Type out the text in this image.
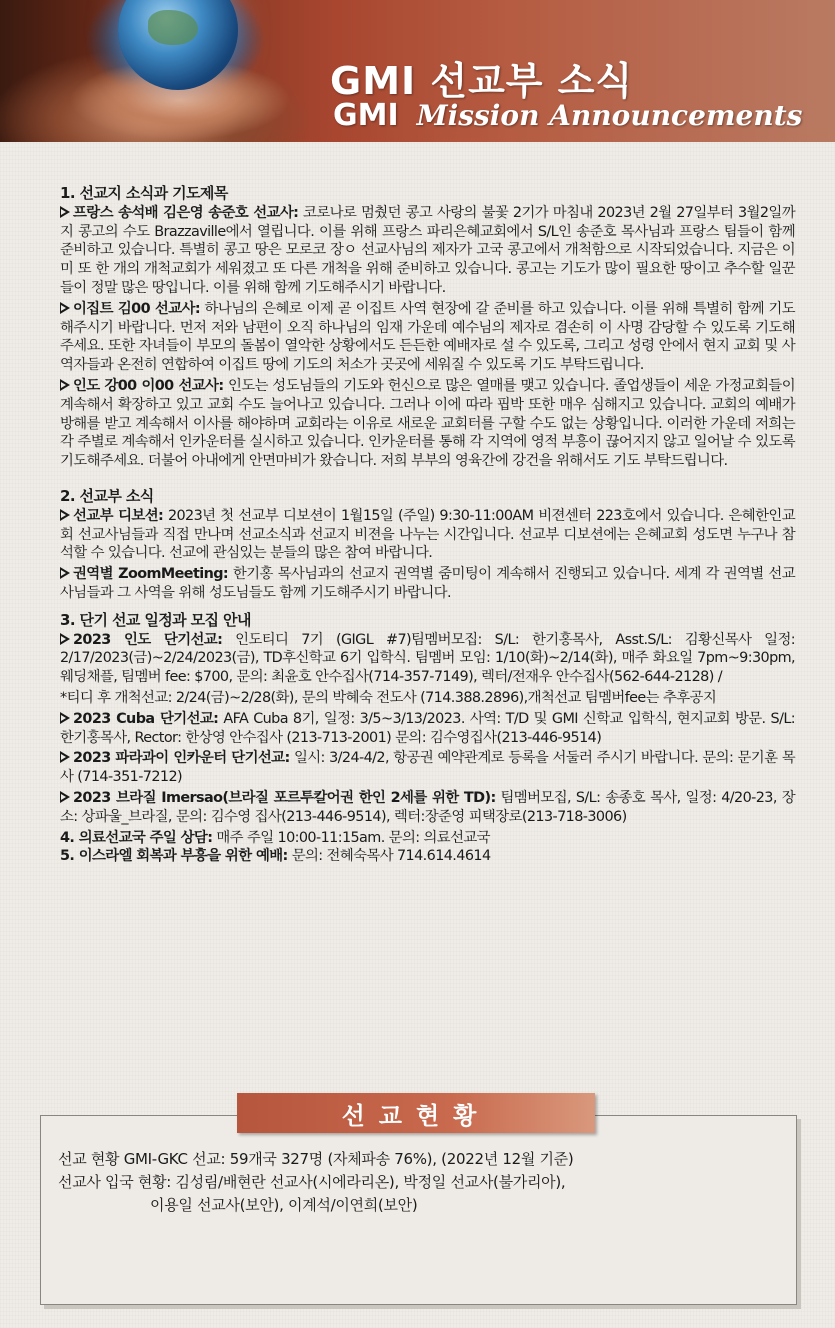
GMI 선교부 소식
GMI Mission Announcements
1. 선교지 소식과 기도제목

프랑스 송석배 김은영 송준호 선교사: 코로나로 멈췄던 콩고 사랑의 불꽃 2기가 마침내 2023년 2월 27일부터 3월2일까지 콩고의 수도 Brazzaville에서 열립니다. 이를 위해 프랑스 파리은혜교회에서 S/L인 송준호 목사님과 프랑스 팀들이 함께 준비하고 있습니다. 특별히 콩고 땅은 모로코 장ㅇ 선교사님의 제자가 고국 콩고에서 개척함으로 시작되었습니다. 지금은 이미 또 한 개의 개척교회가 세워졌고 또 다른 개척을 위해 준비하고 있습니다. 콩고는 기도가 많이 필요한 땅이고 추수할 일꾼들이 정말 많은 땅입니다. 이를 위해 함께 기도해주시기 바랍니다.

이집트 김00 선교사: 하나님의 은혜로 이제 곧 이집트 사역 현장에 갈 준비를 하고 있습니다. 이를 위해 특별히 함께 기도해주시기 바랍니다. 먼저 저와 남편이 오직 하나님의 임재 가운데 예수님의 제자로 겸손히 이 사명 감당할 수 있도록 기도해주세요. 또한 자녀들이 부모의 돌봄이 열악한 상황에서도 든든한 예배자로 설 수 있도록, 그리고 성령 안에서 현지 교회 및 사역자들과 온전히 연합하여 이집트 땅에 기도의 처소가 곳곳에 세워질 수 있도록 기도 부탁드립니다.

인도 강00 이00 선교사: 인도는 성도님들의 기도와 헌신으로 많은 열매를 맺고 있습니다. 졸업생들이 세운 가정교회들이 계속해서 확장하고 있고 교회 수도 늘어나고 있습니다. 그러나 이에 따라 핍박 또한 매우 심해지고 있습니다. 교회의 예배가 방해를 받고 계속해서 이사를 해야하며 교회라는 이유로 새로운 교회터를 구할 수도 없는 상황입니다. 이러한 가운데 저희는 각 주별로 계속해서 인카운터를 실시하고 있습니다. 인카운터를 통해 각 지역에 영적 부흥이 끊어지지 않고 일어날 수 있도록 기도해주세요. 더불어 아내에게 안면마비가 왔습니다. 저희 부부의 영육간에 강건을 위해서도 기도 부탁드립니다.

2. 선교부 소식

선교부 디보션: 2023년 첫 선교부 디보션이 1월15일 (주일) 9:30-11:00AM 비젼센터 223호에서 있습니다. 은혜한인교회 선교사님들과 직접 만나며 선교소식과 선교지 비젼을 나누는 시간입니다. 선교부 디보션에는 은혜교회 성도면 누구나 참석할 수 있습니다. 선교에 관심있는 분들의 많은 참여 바랍니다.

권역별 ZoomMeeting: 한기홍 목사님과의 선교지 권역별 줌미팅이 계속해서 진행되고 있습니다. 세계 각 권역별 선교사님들과 그 사역을 위해 성도님들도 함께 기도해주시기 바랍니다.

3. 단기 선교 일정과 모집 안내

2023 인도 단기선교: 인도티디 7기 (GIGL #7)팀멤버모집: S/L: 한기홍목사, Asst.S/L: 김황신목사 일정: 2/17/2023(금)~2/24/2023(금), TD후신학교 6기 입학식. 팀멤버 모임: 1/10(화)~2/14(화), 매주 화요일 7pm~9:30pm, 웨딩채플, 팀멤버 fee: $700, 문의: 최윤호 안수집사(714-357-7149), 렉터/전재우 안수집사(562-644-2128) /

*티디 후 개척선교: 2/24(금)~2/28(화), 문의 박혜숙 전도사 (714.388.2896),개척선교 팀멤버fee는 추후공지

2023 Cuba 단기선교: AFA Cuba 8기, 일정: 3/5~3/13/2023. 사역: T/D 및 GMI 신학교 입학식, 현지교회 방문. S/L: 한기홍목사, Rector: 한상영 안수집사 (213-713-2001) 문의: 김수영집사(213-446-9514)

2023 파라과이 인카운터 단기선교: 일시: 3/24-4/2, 항공권 예약관계로 등록을 서둘러 주시기 바랍니다. 문의: 문기훈 목사 (714-351-7212)

2023 브라질 Imersao(브라질 포르투칼어권 한인 2세를 위한 TD): 팀멤버모집, S/L: 송종호 목사, 일정: 4/20-23, 장소: 상파울_브라질, 문의: 김수영 집사(213-446-9514), 렉터:장준영 피택장로(213-718-3006)

4. 의료선교국 주일 상담: 매주 주일 10:00-11:15am. 문의: 의료선교국

5. 이스라엘 회복과 부흥을 위한 예배: 문의: 전혜숙목사 714.614.4614

선교현황
선교 현황 GMI-GKC 선교: 59개국 327명 (자체파송 76%), (2022년 12월 기준)
선교사 입국 현황: 김성림/배현란 선교사(시에라리온), 박정일 선교사(불가리아),
이용일 선교사(보안), 이계석/이연희(보안)
